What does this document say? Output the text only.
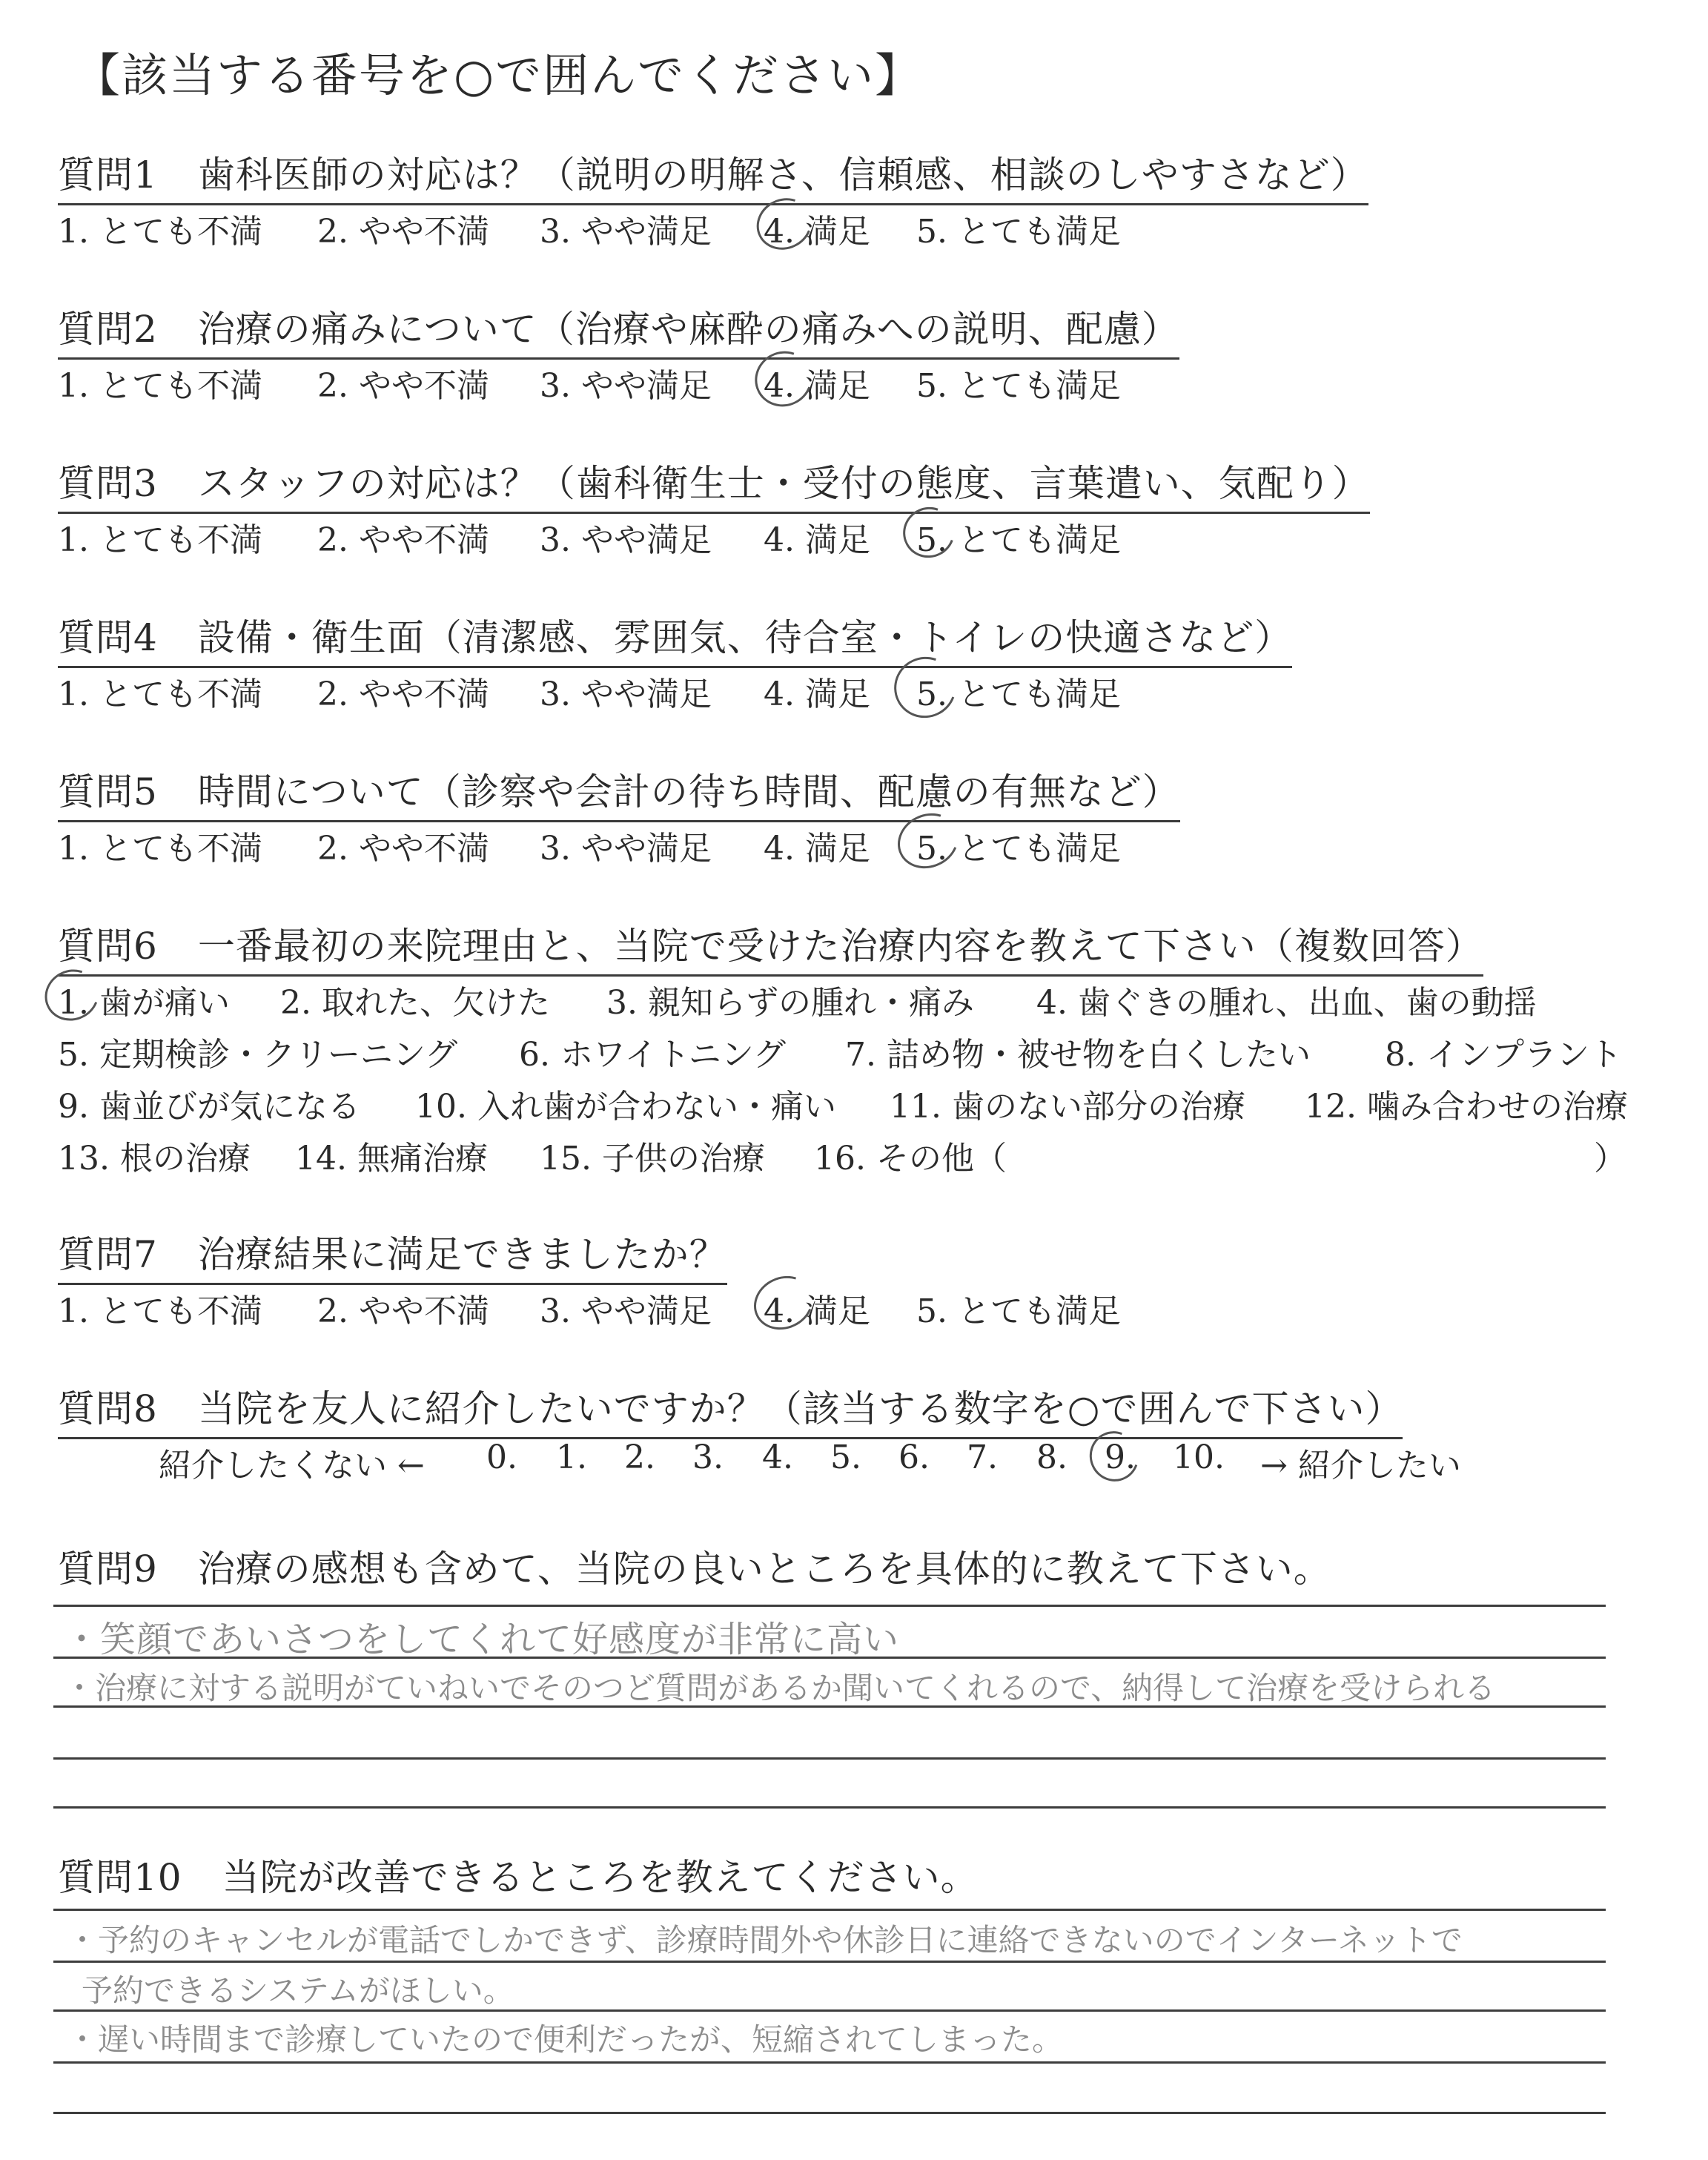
【該当する番号を○で囲んでください】
質問1 歯科医師の対応は？（説明の明解さ、信頼感、相談のしやすさなど）
1. とても不満 2. やや不満 3. やや満足 4. 満足 5. とても満足
質問2 治療の痛みについて（治療や麻酔の痛みへの説明、配慮）
1. とても不満 2. やや不満 3. やや満足 4. 満足 5. とても満足
質問3 スタッフの対応は？（歯科衛生士・受付の態度、言葉遣い、気配り）
1. とても不満 2. やや不満 3. やや満足 4. 満足 5. とても満足
質問4 設備・衛生面（清潔感、雰囲気、待合室・トイレの快適さなど）
1. とても不満 2. やや不満 3. やや満足 4. 満足 5. とても満足
質問5 時間について（診察や会計の待ち時間、配慮の有無など）
1. とても不満 2. やや不満 3. やや満足 4. 満足 5. とても満足
質問6 一番最初の来院理由と、当院で受けた治療内容を教えて下さい（複数回答）
1. 歯が痛い 2. 取れた、欠けた 3. 親知らずの腫れ・痛み 4. 歯ぐきの腫れ、出血、歯の動揺
5. 定期検診・クリーニング 6. ホワイトニング 7. 詰め物・被せ物を白くしたい 8. インプラント
9. 歯並びが気になる 10. 入れ歯が合わない・痛い 11. 歯のない部分の治療 12. 噛み合わせの治療
13. 根の治療 14. 無痛治療 15. 子供の治療 16. その他（	）
質問7 治療結果に満足できましたか？
1. とても不満 2. やや不満 3. やや満足 4. 満足 5. とても満足
質問8 当院を友人に紹介したいですか？（該当する数字を○で囲んで下さい）
紹介したくない ← 0. 1. 2. 3. 4. 5. 6. 7. 8. 9. 10. → 紹介したい
質問9 治療の感想も含めて、当院の良いところを具体的に教えて下さい。
・笑顔であいさつをしてくれて好感度が非常に高い
・治療に対する説明がていねいでそのつど質問があるか聞いてくれるので、納得して治療を受けられる
質問10 当院が改善できるところを教えてください。
・予約のキャンセルが電話でしかできず、診療時間外や休診日に連絡できないのでインターネットで
予約できるシステムがほしい。
・遅い時間まで診療していたので便利だったが、短縮されてしまった。
